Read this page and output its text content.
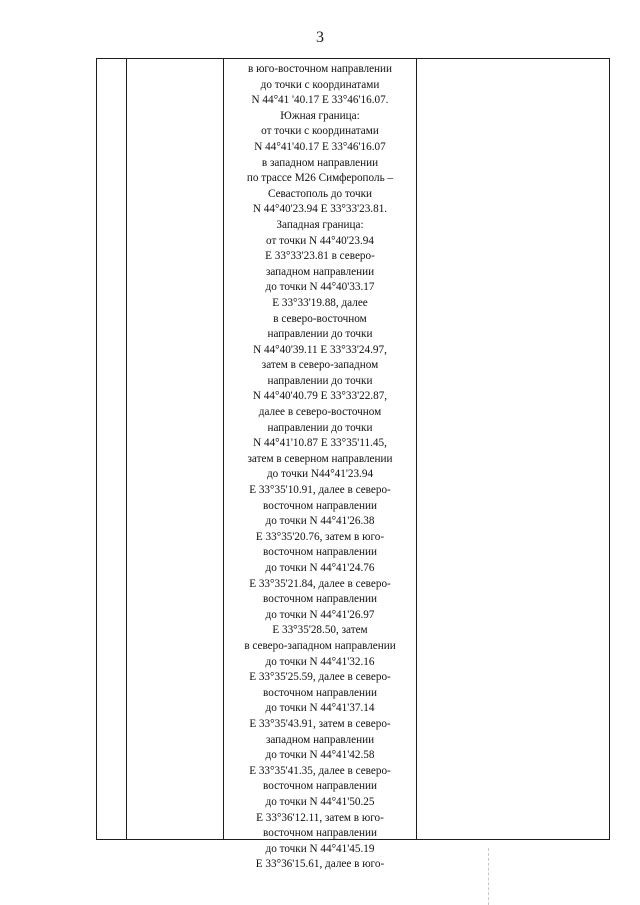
3
в юго-восточном направлении
до точки с координатами
N 44°41 '40.17 E 33°46'16.07.
Южная граница:
от точки с координатами
N 44°41'40.17 E 33°46'16.07
в западном направлении
по трассе М26 Симферополь –
Севастополь до точки
N 44°40'23.94 E 33°33'23.81.
Западная граница:
от точки N 44°40'23.94
E 33°33'23.81 в северо-
западном направлении
до точки N 44°40'33.17
E 33°33'19.88, далее
в северо-восточном
направлении до точки
N 44°40'39.11 E 33°33'24.97,
затем в северо-западном
направлении до точки
N 44°40'40.79 E 33°33'22.87,
далее в северо-восточном
направлении до точки
N 44°41'10.87 E 33°35'11.45,
затем в северном направлении
до точки N44°41'23.94
E 33°35'10.91, далее в северо-
восточном направлении
до точки N 44°41'26.38
E 33°35'20.76, затем в юго-
восточном направлении
до точки N 44°41'24.76
E 33°35'21.84, далее в северо-
восточном направлении
до точки N 44°41'26.97
E 33°35'28.50, затем
в северо-западном направлении
до точки N 44°41'32.16
E 33°35'25.59, далее в северо-
восточном направлении
до точки N 44°41'37.14
E 33°35'43.91, затем в северо-
западном направлении
до точки N 44°41'42.58
E 33°35'41.35, далее в северо-
восточном направлении
до точки N 44°41'50.25
E 33°36'12.11, затем в юго-
восточном направлении
до точки N 44°41'45.19
E 33°36'15.61, далее в юго-
